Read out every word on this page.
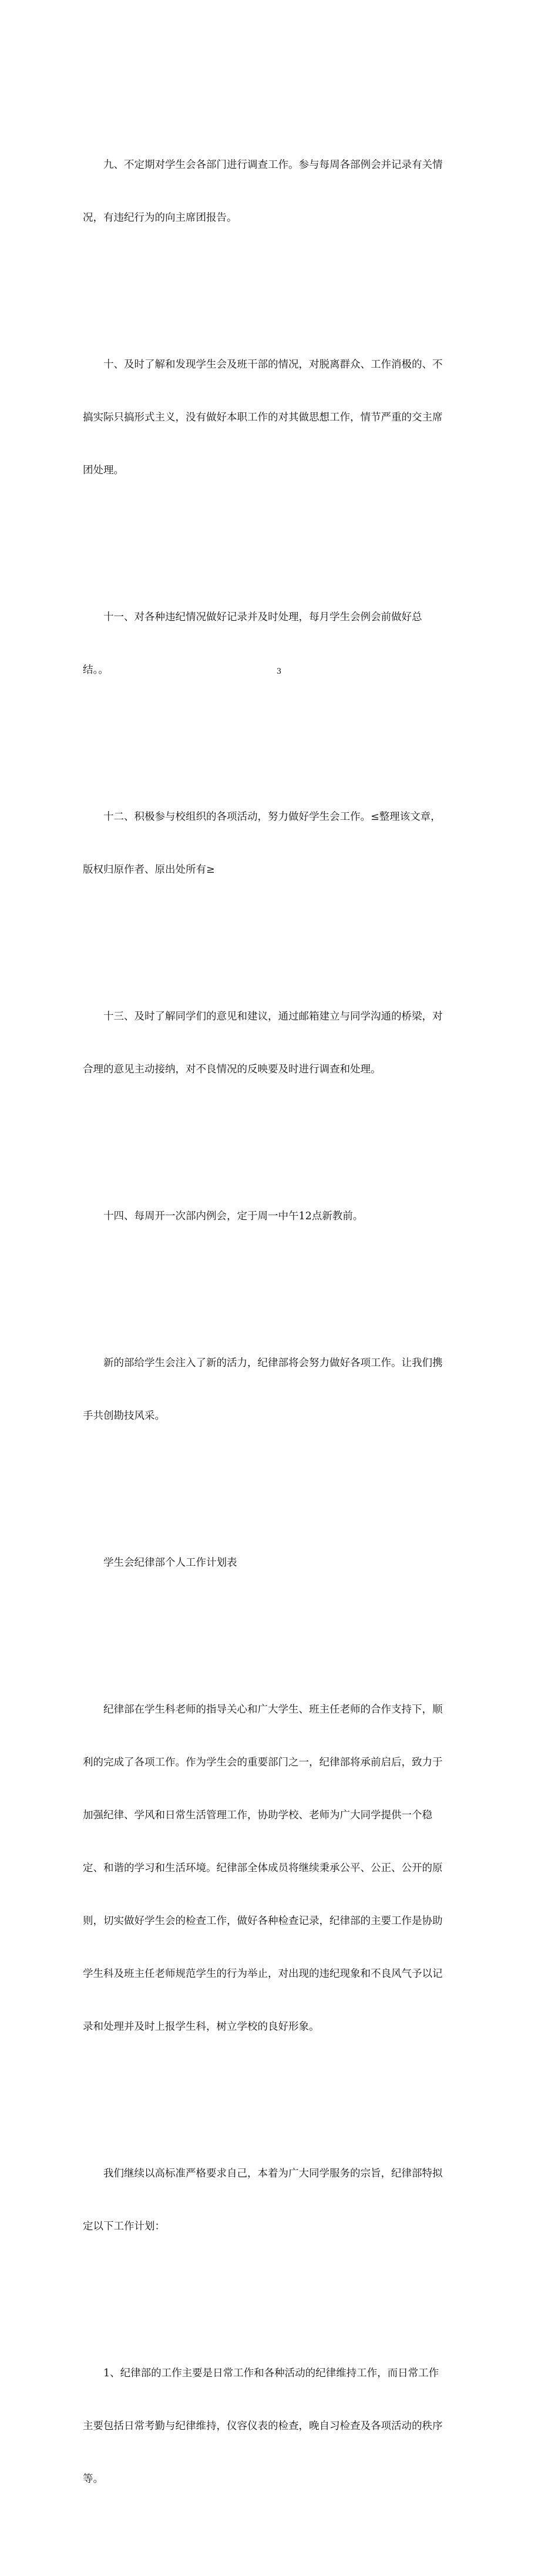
九、不定期对学生会各部门进行调查工作。参与每周各部例会并记录有关情

况，有违纪行为的向主席团报告。

十、及时了解和发现学生会及班干部的情况，对脱离群众、工作消极的、不

搞实际只搞形式主义，没有做好本职工作的对其做思想工作，情节严重的交主席

团处理。

十一、对各种违纪情况做好记录并及时处理，每月学生会例会前做好总

结。。

十二、积极参与校组织的各项活动，努力做好学生会工作。≤整理该文章，

版权归原作者、原出处所有≥

十三、及时了解同学们的意见和建议，通过邮箱建立与同学沟通的桥梁，对

合理的意见主动接纳，对不良情况的反映要及时进行调查和处理。

十四、每周开一次部内例会，定于周一中午12点新教前。

新的部给学生会注入了新的活力，纪律部将会努力做好各项工作。让我们携

手共创勘技风采。

学生会纪律部个人工作计划表

纪律部在学生科老师的指导关心和广大学生、班主任老师的合作支持下，顺

利的完成了各项工作。作为学生会的重要部门之一，纪律部将承前启后，致力于

加强纪律、学风和日常生活管理工作，协助学校、老师为广大同学提供一个稳

定、和谐的学习和生活环境。纪律部全体成员将继续秉承公平、公正、公开的原

则，切实做好学生会的检查工作，做好各种检查记录，纪律部的主要工作是协助

学生科及班主任老师规范学生的行为举止，对出现的违纪现象和不良风气予以记

录和处理并及时上报学生科，树立学校的良好形象。

我们继续以高标准严格要求自己，本着为广大同学服务的宗旨，纪律部特拟

定以下工作计划：

1、纪律部的工作主要是日常工作和各种活动的纪律维持工作，而日常工作

主要包括日常考勤与纪律维持，仪容仪表的检查，晚自习检查及各项活动的秩序

等。

3
